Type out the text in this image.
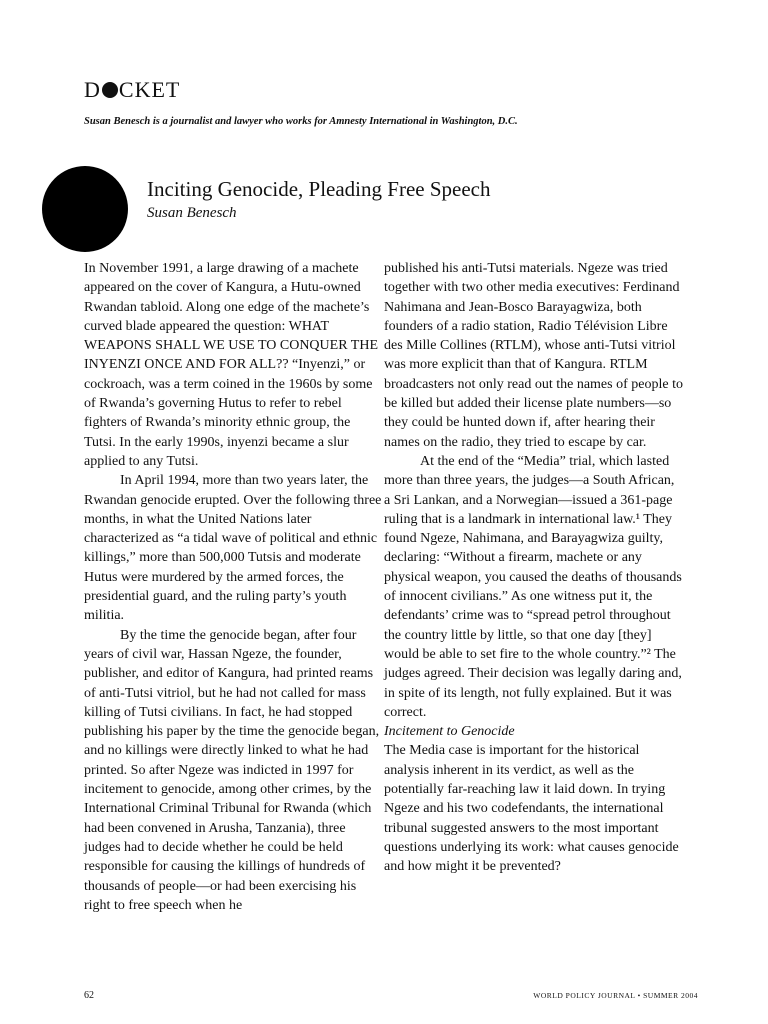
D CKET
Susan Benesch is a journalist and lawyer who works for Amnesty International in Washington, D.C.
Inciting Genocide, Pleading Free Speech
Susan Benesch

In November 1991, a large drawing of a machete appeared on the cover of Kangura, a Hutu-owned Rwandan tabloid. Along one edge of the machete’s curved blade appeared the question: WHAT WEAPONS SHALL WE USE TO CONQUER THE INYENZI ONCE AND FOR ALL?? “Inyenzi,” or cockroach, was a term coined in the 1960s by some of Rwanda’s governing Hutus to refer to rebel fighters of Rwanda’s minority ethnic group, the Tutsi. In the early 1990s, inyenzi became a slur applied to any Tutsi.

In April 1994, more than two years later, the Rwandan genocide erupted. Over the following three months, in what the United Nations later characterized as “a tidal wave of political and ethnic killings,” more than 500,000 Tutsis and moderate Hutus were murdered by the armed forces, the presidential guard, and the ruling party’s youth militia.

By the time the genocide began, after four years of civil war, Hassan Ngeze, the founder, publisher, and editor of Kangura, had printed reams of anti-Tutsi vitriol, but he had not called for mass killing of Tutsi civilians. In fact, he had stopped publishing his paper by the time the genocide began, and no killings were directly linked to what he had printed. So after Ngeze was indicted in 1997 for incitement to genocide, among other crimes, by the International Criminal Tribunal for Rwanda (which had been convened in Arusha, Tanzania), three judges had to decide whether he could be held responsible for causing the killings of hundreds of thousands of people—or had been exercising his right to free speech when he

published his anti-Tutsi materials. Ngeze was tried together with two other media executives: Ferdinand Nahimana and Jean-Bosco Barayagwiza, both founders of a radio station, Radio Télévision Libre des Mille Collines (RTLM), whose anti-Tutsi vitriol was more explicit than that of Kangura. RTLM broadcasters not only read out the names of people to be killed but added their license plate numbers—so they could be hunted down if, after hearing their names on the radio, they tried to escape by car.

At the end of the “Media” trial, which lasted more than three years, the judges—a South African, a Sri Lankan, and a Norwegian—issued a 361-page ruling that is a landmark in international law.¹ They found Ngeze, Nahimana, and Barayagwiza guilty, declaring: “Without a firearm, machete or any physical weapon, you caused the deaths of thousands of innocent civilians.” As one witness put it, the defendants’ crime was to “spread petrol throughout the country little by little, so that one day [they] would be able to set fire to the whole country.”² The judges agreed. Their decision was legally daring and, in spite of its length, not fully explained. But it was correct.

Incitement to Genocide

The Media case is important for the historical analysis inherent in its verdict, as well as the potentially far-reaching law it laid down. In trying Ngeze and his two codefendants, the international tribunal suggested answers to the most important questions underlying its work: what causes genocide and how might it be prevented?

62	WORLD POLICY JOURNAL • SUMMER 2004
